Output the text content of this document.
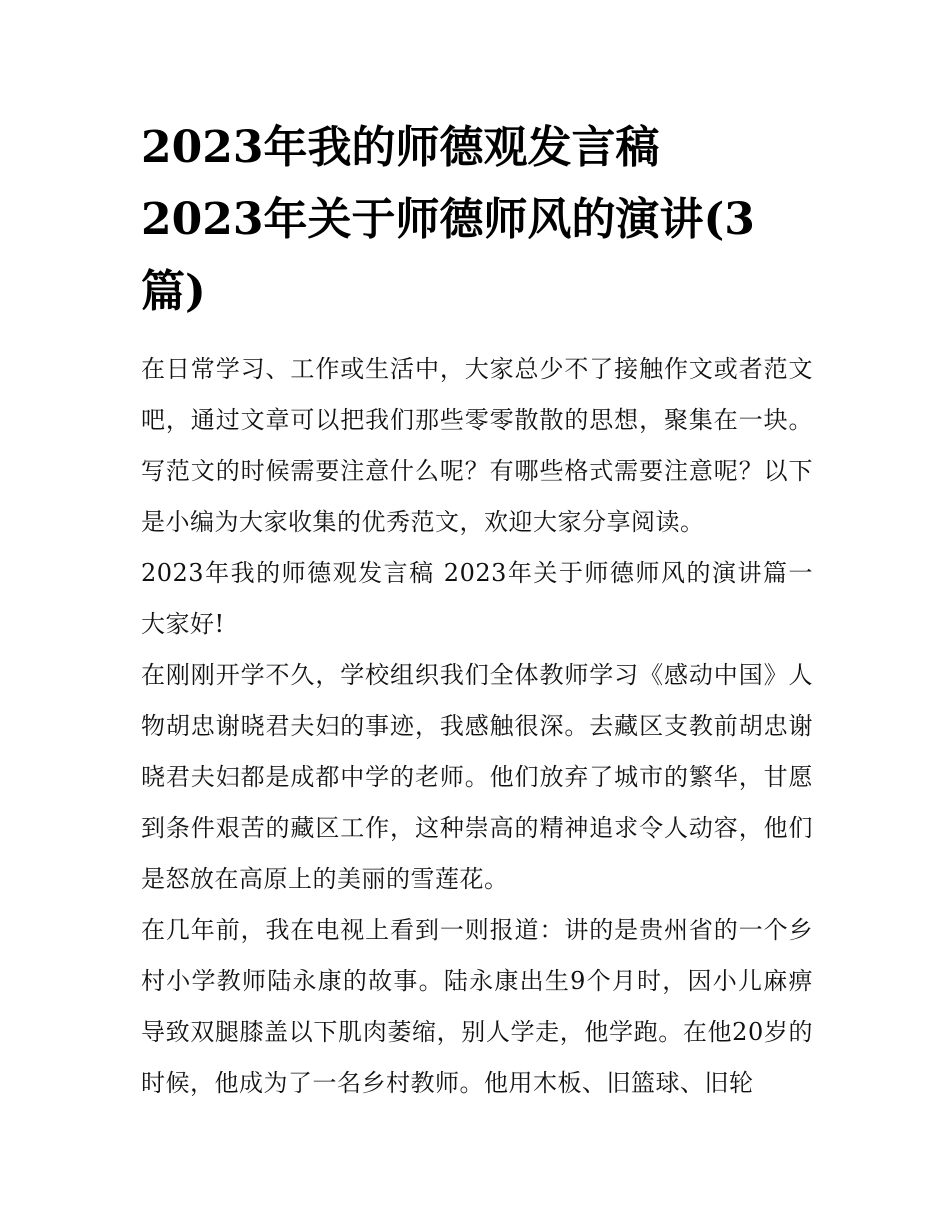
2023年我的师德观发言稿
2023年关于师德师风的演讲(3
篇)

在日常学习、工作或生活中，大家总少不了接触作文或者范文吧，通过文章可以把我们那些零零散散的思想，聚集在一块。写范文的时候需要注意什么呢？有哪些格式需要注意呢？以下是小编为大家收集的优秀范文，欢迎大家分享阅读。

2023年我的师德观发言稿 2023年关于师德师风的演讲篇一 大家好!

在刚刚开学不久，学校组织我们全体教师学习《感动中国》人物胡忠谢晓君夫妇的事迹，我感触很深。去藏区支教前胡忠谢晓君夫妇都是成都中学的老师。他们放弃了城市的繁华，甘愿到条件艰苦的藏区工作，这种崇高的精神追求令人动容，他们是怒放在高原上的美丽的雪莲花。

在几年前，我在电视上看到一则报道：讲的是贵州省的一个乡村小学教师陆永康的故事。陆永康出生9个月时，因小儿麻痹导致双腿膝盖以下肌肉萎缩，别人学走，他学跑。在他20岁的时候，他成为了一名乡村教师。他用木板、旧篮球、旧轮
